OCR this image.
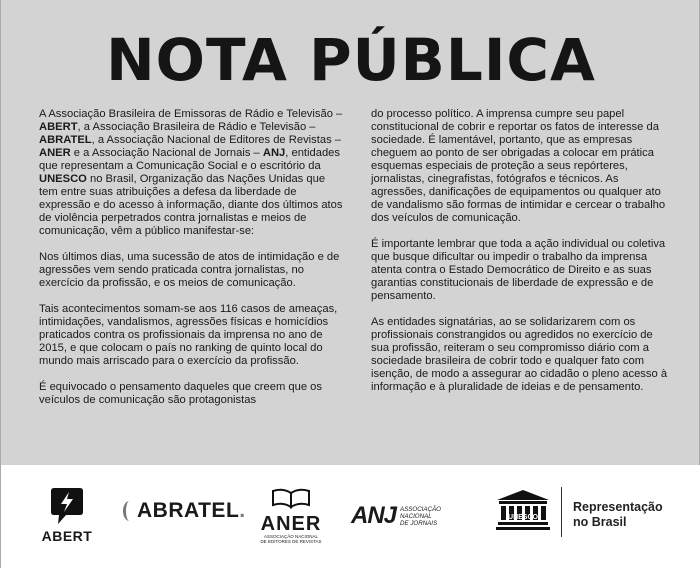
NOTA PÚBLICA

A Associação Brasileira de Emissoras de Rádio e Televisão – ABERT, a Associação Brasileira de Rádio e Televisão – ABRATEL, a Associação Nacional de Editores de Revistas – ANER e a Associação Nacional de Jornais – ANJ, entidades que representam a Comunicação Social e o escritório da UNESCO no Brasil, Organização das Nações Unidas que tem entre suas atribuições a defesa da liberdade de expressão e do acesso à informação, diante dos últimos atos de violência perpetrados contra jornalistas e meios de comunicação, vêm a público manifestar-se:

Nos últimos dias, uma sucessão de atos de intimidação e de agressões vem sendo praticada contra jornalistas, no exercício da profissão, e os meios de comunicação.

Tais acontecimentos somam-se aos 116 casos de ameaças, intimidações, vandalismos, agressões físicas e homicídios praticados contra os profissionais da imprensa no ano de 2015, e que colocam o país no ranking de quinto local do mundo mais arriscado para o exercício da profissão.

É equivocado o pensamento daqueles que creem que os veículos de comunicação são protagonistas

do processo político. A imprensa cumpre seu papel constitucional de cobrir e reportar os fatos de interesse da sociedade. É lamentável, portanto, que as empresas cheguem ao ponto de ser obrigadas a colocar em prática esquemas especiais de proteção a seus repórteres, jornalistas, cinegrafistas, fotógrafos e técnicos. As agressões, danificações de equipamentos ou qualquer ato de vandalismo são formas de intimidar e cercear o trabalho dos veículos de comunicação.

É importante lembrar que toda a ação individual ou coletiva que busque dificultar ou impedir o trabalho da imprensa atenta contra o Estado Democrático de Direito e as suas garantias constitucionais de liberdade de expressão e de pensamento.

As entidades signatárias, ao se solidarizarem com os profissionais constrangidos ou agredidos no exercício de sua profissão, reiteram o seu compromisso diário com a sociedade brasileira de cobrir todo e qualquer fato com isenção, de modo a assegurar ao cidadão o pleno acesso à informação e à pluralidade de ideias e de pensamento.

ABERT
ABRATEL.
ANER
ASSOCIAÇÃO NACIONAL
DE EDITORES DE REVISTAS
ANJ ASSOCIAÇÃO
NACIONAL
DE JORNAIS
UNESCO
Representação
no Brasil
